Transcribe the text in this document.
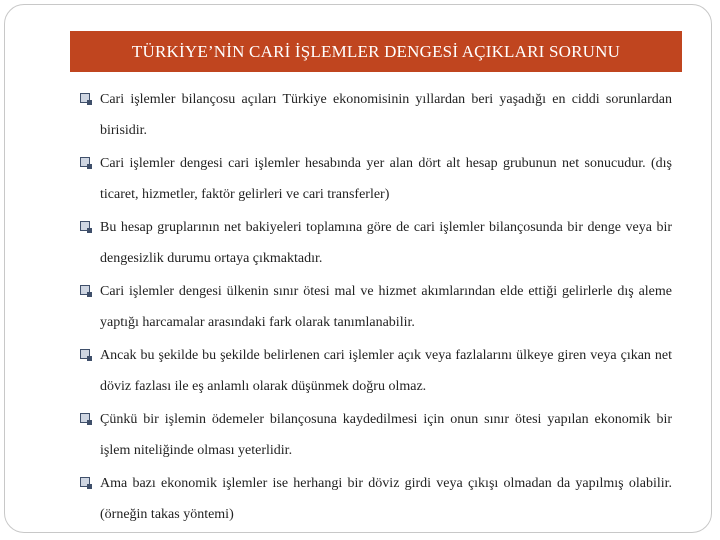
TÜRKİYE’NİN CARİ İŞLEMLER DENGESİ AÇIKLARI SORUNU
Cari işlemler bilançosu açıları Türkiye ekonomisinin yıllardan beri yaşadığı en ciddi sorunlardan birisidir.
Cari işlemler dengesi cari işlemler hesabında yer alan dört alt hesap grubunun net sonucudur. (dış ticaret, hizmetler, faktör gelirleri ve cari transferler)
Bu hesap gruplarının net bakiyeleri toplamına göre de cari işlemler bilançosunda bir denge veya bir dengesizlik durumu ortaya çıkmaktadır.
Cari işlemler dengesi ülkenin sınır ötesi mal ve hizmet akımlarından elde ettiği gelirlerle dış aleme yaptığı harcamalar arasındaki fark olarak tanımlanabilir.
Ancak bu şekilde bu şekilde belirlenen cari işlemler açık veya fazlalarını ülkeye giren veya çıkan net döviz fazlası ile eş anlamlı olarak düşünmek doğru olmaz.
Çünkü bir işlemin ödemeler bilançosuna kaydedilmesi için onun sınır ötesi yapılan ekonomik bir işlem niteliğinde olması yeterlidir.
Ama bazı ekonomik işlemler ise herhangi bir döviz girdi veya çıkışı olmadan da yapılmış olabilir. (örneğin takas yöntemi)
